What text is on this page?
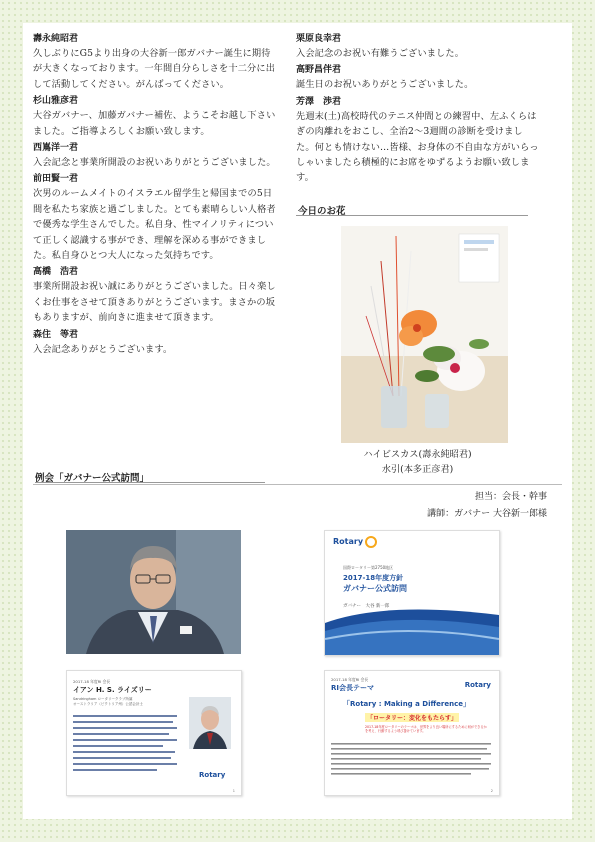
壽永純昭君

久しぶりにG5より出身の大谷新一郎ガバナー誕生に期待が大きくなっております。一年間自分らしさを十二分に出して活動してください。がんばってください。

杉山雅彦君

大谷ガバナー、加藤ガバナー補佐、ようこそお越し下さいました。ご指導よろしくお願い致します。

西嶌洋一君

入会記念と事業所開設のお祝いありがとうございました。

前田賢一君

次男のルームメイトのイスラエル留学生と帰国までの5日間を私たち家族と過ごしました。とても素晴らしい人格者で優秀な学生さんでした。私自身、性マイノリティについて正しく認識する事ができ、理解を深める事ができました。私自身ひとつ大人になった気持ちです。

高橋　浩君

事業所開設お祝い誠にありがとうございました。日々楽しくお仕事をさせて頂きありがとうございます。まさかの坂もありますが、前向きに進ませて頂きます。

森住　等君

入会記念ありがとうございます。

栗原良幸君

入会記念のお祝い有難うございました。

高野昌伴君

誕生日のお祝いありがとうございました。

芳澤　渉君

先週末(土)高校時代のテニス仲間との練習中、左ふくらはぎの肉離れをおこし、全治2～3週間の診断を受けました。何とも情けない…皆様、お身体の不自由な方がいらっしゃいましたら積極的にお席をゆずるようお願い致します。

今日のお花
ハイビスカス(壽永純昭君)
水引(本多正彦君)
例会「ガバナー公式訪問」
担当：会長・幹事
講師：ガバナー 大谷新一郎様
Rotary
国際ロータリー第2750地区
2017-18年度方針
ガバナー公式訪問
ガバナー　大谷 新一郎
2017-18 年度RI 会長
イアン H. S. ライズリー
Sandringham ロータリークラブ所属
オーストラリア（ビクトリア州）公認会計士
Rotary
1
2017-18 年度RI 会長
RI会長テーマ	Rotary
「Rotary : Making a Difference」
「ロータリー：変化をもたらす」
2017-18年度ロータリーのテーマは、世界をより良い場所にするために何ができるかを考え、行動するよう呼び掛けています。
2
